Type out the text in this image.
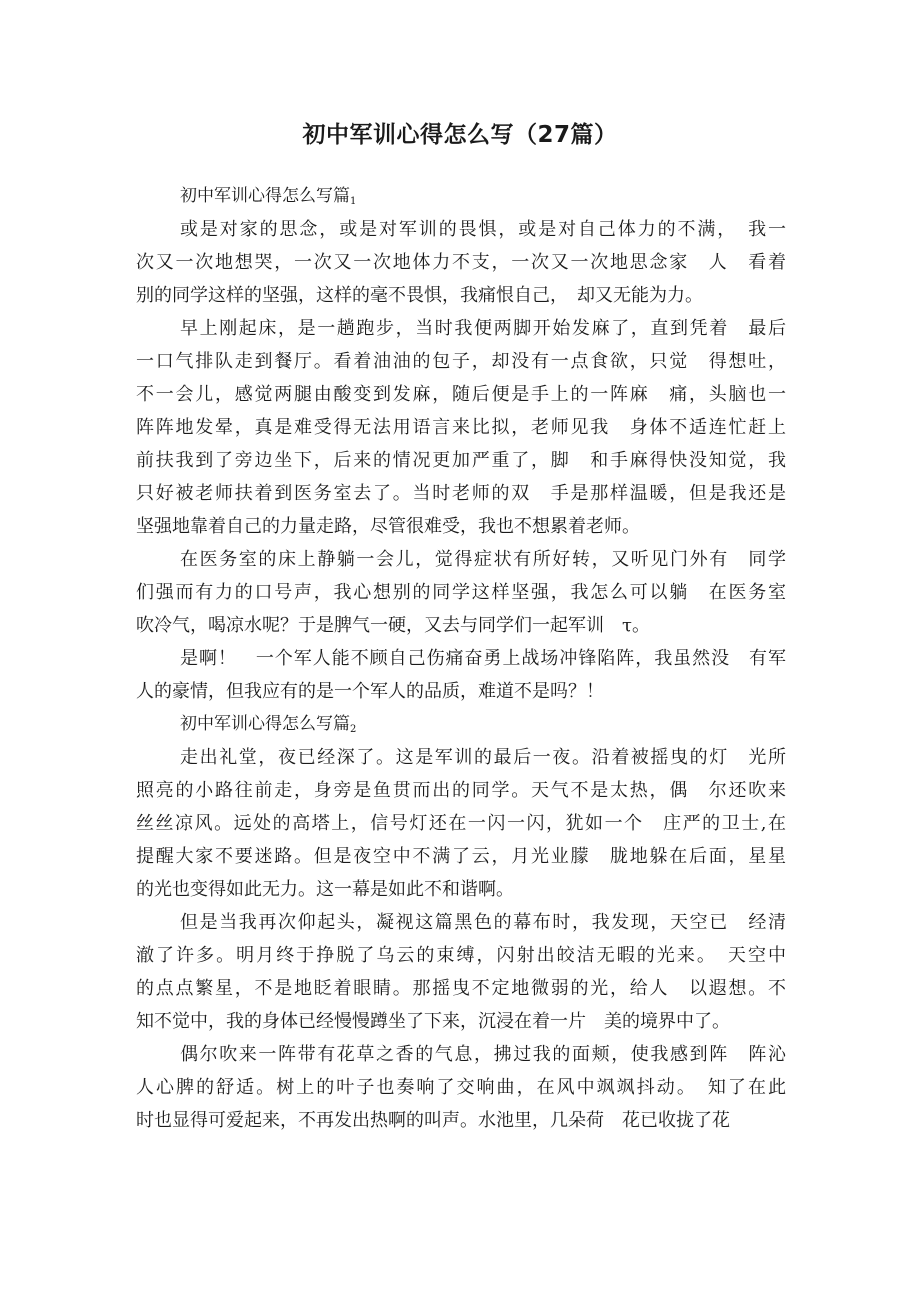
初中军训心得怎么写（27篇）
初中军训心得怎么写篇$_1$
或是对家的思念，或是对军训的畏惧，或是对自己体力的不满，　我一
次又一次地想哭，一次又一次地体力不支，一次又一次地思念家　人　看着
别的同学这样的坚强，这样的毫不畏惧，我痛恨自己，　却又无能为力。
早上刚起床，是一趟跑步，当时我便两脚开始发麻了，直到凭着　最后
一口气排队走到餐厅。看着油油的包子，却没有一点食欲，只觉　得想吐，
不一会儿，感觉两腿由酸变到发麻，随后便是手上的一阵麻　痛，头脑也一
阵阵地发晕，真是难受得无法用语言来比拟，老师见我　身体不适连忙赶上
前扶我到了旁边坐下，后来的情况更加严重了，脚　和手麻得快没知觉，我
只好被老师扶着到医务室去了。当时老师的双　手是那样温暖，但是我还是
坚强地靠着自己的力量走路，尽管很难受，我也不想累着老师。
在医务室的床上静躺一会儿，觉得症状有所好转，又听见门外有　同学
们强而有力的口号声，我心想别的同学这样坚强，我怎么可以躺　在医务室
吹冷气，喝凉水呢？于是脾气一硬，又去与同学们一起军训　τ。
是啊！　一个军人能不顾自己伤痛奋勇上战场冲锋陷阵，我虽然没　有军
人的豪情，但我应有的是一个军人的品质，难道不是吗？！
初中军训心得怎么写篇$_2$
走出礼堂，夜已经深了。这是军训的最后一夜。沿着被摇曳的灯　光所
照亮的小路往前走，身旁是鱼贯而出的同学。天气不是太热，偶　尔还吹来
丝丝凉风。远处的高塔上，信号灯还在一闪一闪，犹如一个　庄严的卫士,在
提醒大家不要迷路。但是夜空中不满了云，月光业朦　胧地躲在后面，星星
的光也变得如此无力。这一幕是如此不和谐啊。
但是当我再次仰起头，凝视这篇黑色的幕布时，我发现，天空已　经清
澈了许多。明月终于挣脱了乌云的束缚，闪射出皎洁无暇的光来。　天空中
的点点繁星，不是地眨着眼睛。那摇曳不定地微弱的光，给人　以遐想。不
知不觉中，我的身体已经慢慢蹲坐了下来，沉浸在着一片　美的境界中了。
偶尔吹来一阵带有花草之香的气息，拂过我的面颊，使我感到阵　阵沁
人心脾的舒适。树上的叶子也奏响了交响曲，在风中飒飒抖动。　知了在此
时也显得可爱起来，不再发出热啊的叫声。水池里，几朵荷　花已收拢了花
